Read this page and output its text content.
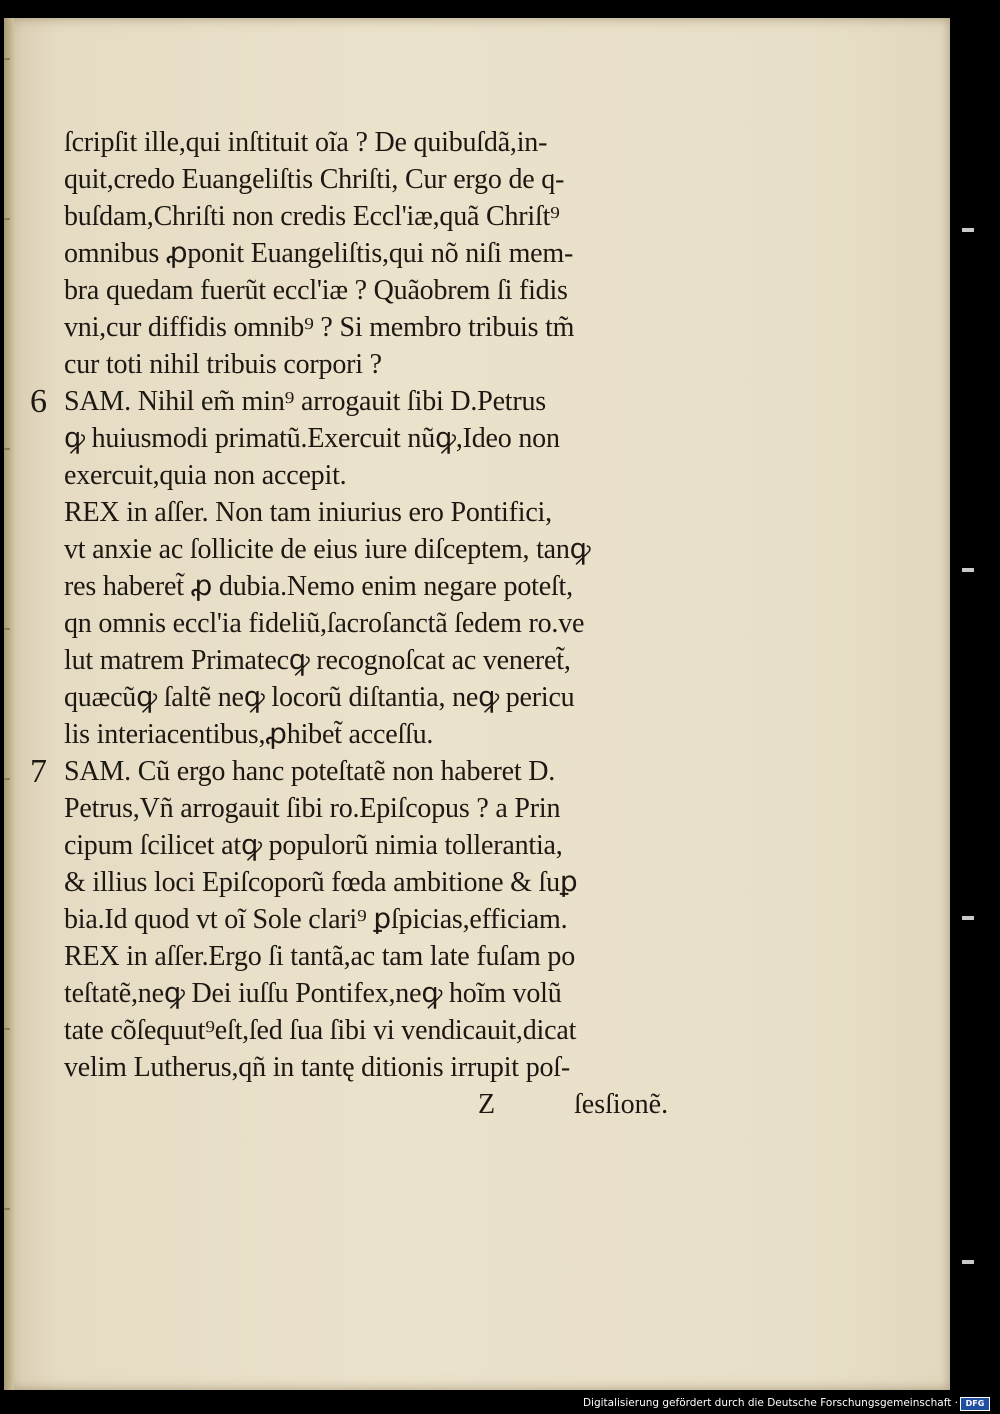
ſcripſit ille,qui inſtituit oĩa ? De quibuſdã,in‐
quit,credo Euangeliſtis Chriſti, Cur ergo de q‐
buſdam,Chriſti non credis Eccl'iæ,quã Chriſt⁹
omnibus ꝓponit Euangeliſtis,qui nõ niſi mem‐
bra quedam fuerũt eccl'iæ ? Quãobrem ſi fidis
vni,cur diffidis omnib⁹ ? Si membro tribuis tm̃
cur toti nihil tribuis corpori ?
6 SAM. Nihil em̃ min⁹ arrogauit ſibi D.Petrus
ꝙ huiusmodi primatũ.Exercuit nũꝙ,Ideo non
exercuit,quia non accepit.
REX in aſſer. Non tam iniurius ero Pontifici,
vt anxie ac ſollicite de eius iure diſceptem, tanꝙ
res haberet̃ ꝓ dubia.Nemo enim negare poteſt,
qn omnis eccl'ia fideliũ,ſacroſanctã ſedem ro.ve
lut matrem Primatecꝙ recognoſcat ac veneret̃,
quæcũꝙ ſaltẽ neꝙ locorũ diſtantia, neꝙ pericu
lis interiacentibus,ꝓhibet̃ acceſſu.
7 SAM. Cũ ergo hanc poteſtatẽ non haberet D.
Petrus,Vñ arrogauit ſibi ro.Epiſcopus ? a Prin
cipum ſcilicet atꝙ populorũ nimia tollerantia,
& illius loci Epiſcoporũ fœda ambitione & ſuꝑ
bia.Id quod vt oĩ Sole clari⁹ ꝑſpicias,efficiam.
REX in aſſer.Ergo ſi tantã,ac tam late fuſam po
teſtatẽ,neꝙ Dei iuſſu Pontifex,neꝙ hoĩm volũ
tate cõſequut⁹eſt,ſed ſua ſibi vi vendicauit,dicat
velim Lutherus,qñ in tantę ditionis irrupit poſ‐
Z	ſesſionẽ.
Digitalisierung gefördert durch die Deutsche Forschungsgemeinschaft · DFG
